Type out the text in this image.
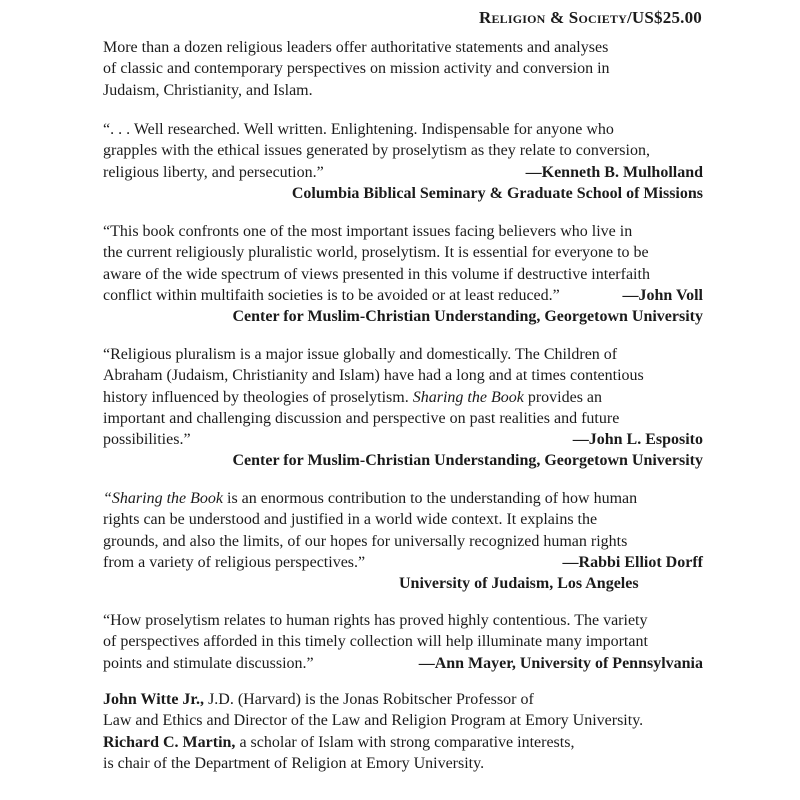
Religion & Society/US$25.00
More than a dozen religious leaders offer authoritative statements and analyses
of classic and contemporary perspectives on mission activity and conversion in
Judaism, Christianity, and Islam.
“. . . Well researched. Well written. Enlightening. Indispensable for anyone who
grapples with the ethical issues generated by proselytism as they relate to conversion,
religious liberty, and persecution.”	—Kenneth B. Mulholland
Columbia Biblical Seminary & Graduate School of Missions
“This book confronts one of the most important issues facing believers who live in
the current religiously pluralistic world, proselytism. It is essential for everyone to be
aware of the wide spectrum of views presented in this volume if destructive interfaith
conflict within multifaith societies is to be avoided or at least reduced.”	—John Voll
Center for Muslim-Christian Understanding, Georgetown University
“Religious pluralism is a major issue globally and domestically. The Children of
Abraham (Judaism, Christianity and Islam) have had a long and at times contentious
history influenced by theologies of proselytism. Sharing the Book provides an
important and challenging discussion and perspective on past realities and future
possibilities.”	—John L. Esposito
Center for Muslim-Christian Understanding, Georgetown University
“Sharing the Book is an enormous contribution to the understanding of how human
rights can be understood and justified in a world wide context. It explains the
grounds, and also the limits, of our hopes for universally recognized human rights
from a variety of religious perspectives.”	—Rabbi Elliot Dorff
University of Judaism, Los Angeles
“How proselytism relates to human rights has proved highly contentious. The variety
of perspectives afforded in this timely collection will help illuminate many important
points and stimulate discussion.”	—Ann Mayer, University of Pennsylvania
John Witte Jr., J.D. (Harvard) is the Jonas Robitscher Professor of
Law and Ethics and Director of the Law and Religion Program at Emory University.
Richard C. Martin, a scholar of Islam with strong comparative interests,
is chair of the Department of Religion at Emory University.
